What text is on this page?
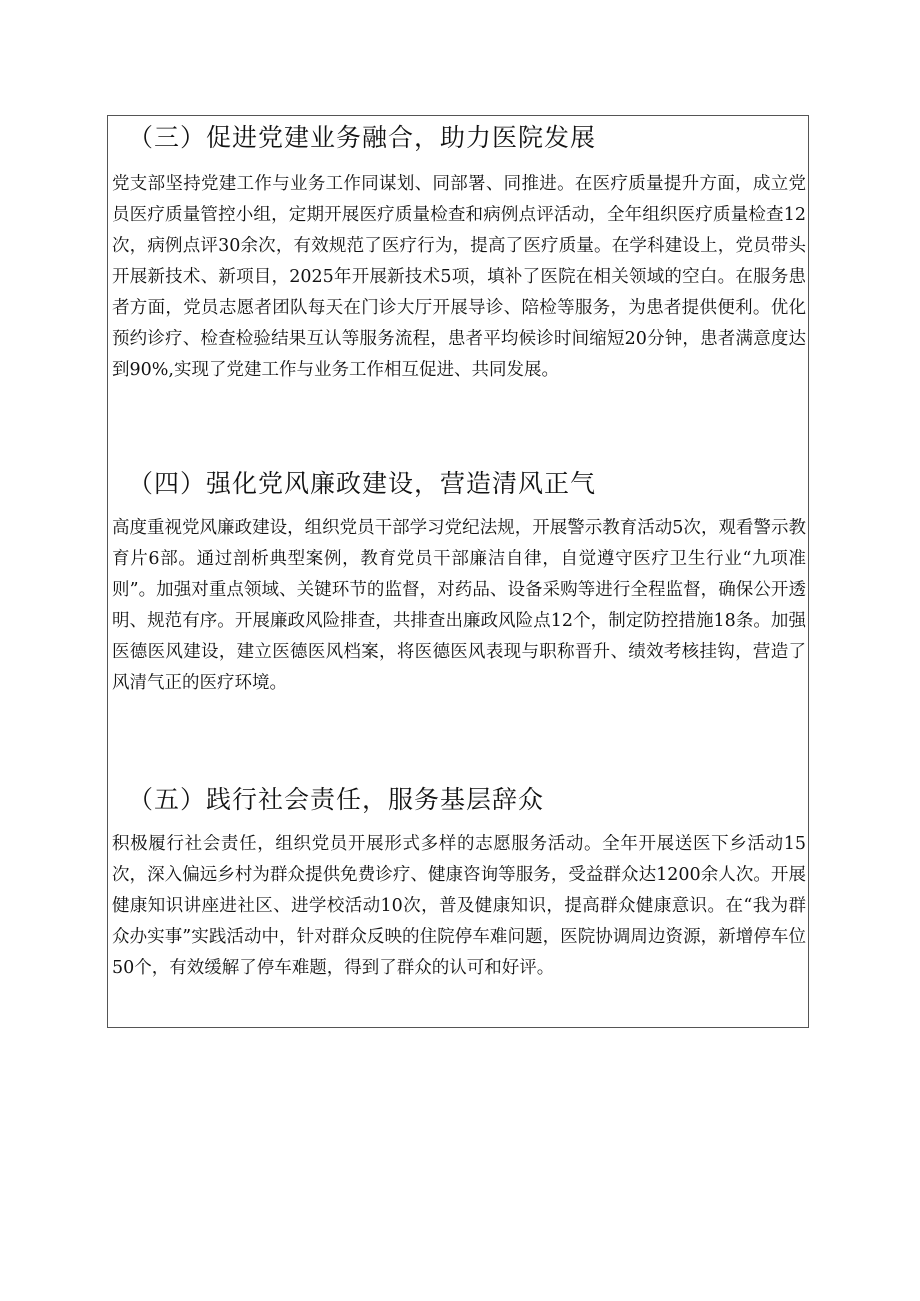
（三）促进党建业务融合，助力医院发展

党支部坚持党建工作与业务工作同谋划、同部署、同推进。在医疗质量提升方面，成立党员医疗质量管控小组，定期开展医疗质量检查和病例点评活动，全年组织医疗质量检查12次，病例点评30余次，有效规范了医疗行为，提高了医疗质量。在学科建设上，党员带头开展新技术、新项目，2025年开展新技术5项，填补了医院在相关领域的空白。在服务患者方面，党员志愿者团队每天在门诊大厅开展导诊、陪检等服务，为患者提供便利。优化预约诊疗、检查检验结果互认等服务流程，患者平均候诊时间缩短20分钟，患者满意度达到90%,实现了党建工作与业务工作相互促进、共同发展。

（四）强化党风廉政建设，营造清风正气

高度重视党风廉政建设，组织党员干部学习党纪法规，开展警示教育活动5次，观看警示教育片6部。通过剖析典型案例，教育党员干部廉洁自律，自觉遵守医疗卫生行业“九项准则”。加强对重点领域、关键环节的监督，对药品、设备采购等进行全程监督，确保公开透明、规范有序。开展廉政风险排查，共排查出廉政风险点12个，制定防控措施18条。加强医德医风建设，建立医德医风档案，将医德医风表现与职称晋升、绩效考核挂钩，营造了风清气正的医疗环境。

（五）践行社会责任，服务基层辞众

积极履行社会责任，组织党员开展形式多样的志愿服务活动。全年开展送医下乡活动15次，深入偏远乡村为群众提供免费诊疗、健康咨询等服务，受益群众达1200余人次。开展健康知识讲座进社区、进学校活动10次，普及健康知识，提高群众健康意识。在“我为群众办实事”实践活动中，针对群众反映的住院停车难问题，医院协调周边资源，新增停车位50个，有效缓解了停车难题，得到了群众的认可和好评。
